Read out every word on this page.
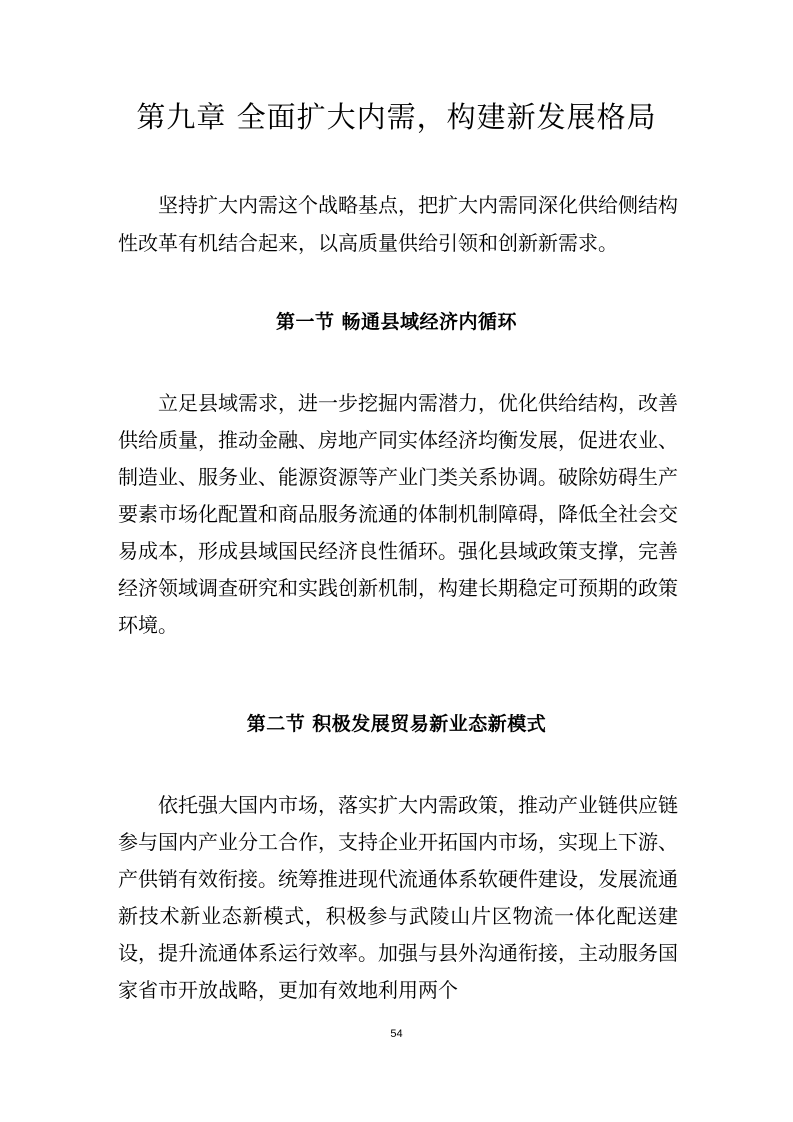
第九章 全面扩大内需，构建新发展格局

坚持扩大内需这个战略基点，把扩大内需同深化供给侧结构性改革有机结合起来，以高质量供给引领和创新新需求。

第一节 畅通县域经济内循环

立足县域需求，进一步挖掘内需潜力，优化供给结构，改善供给质量，推动金融、房地产同实体经济均衡发展，促进农业、制造业、服务业、能源资源等产业门类关系协调。破除妨碍生产要素市场化配置和商品服务流通的体制机制障碍，降低全社会交易成本，形成县域国民经济良性循环。强化县域政策支撑，完善经济领域调查研究和实践创新机制，构建长期稳定可预期的政策环境。

第二节 积极发展贸易新业态新模式

依托强大国内市场，落实扩大内需政策，推动产业链供应链参与国内产业分工合作，支持企业开拓国内市场，实现上下游、产供销有效衔接。统筹推进现代流通体系软硬件建设，发展流通新技术新业态新模式，积极参与武陵山片区物流一体化配送建设，提升流通体系运行效率。加强与县外沟通衔接，主动服务国家省市开放战略，更加有效地利用两个

54
